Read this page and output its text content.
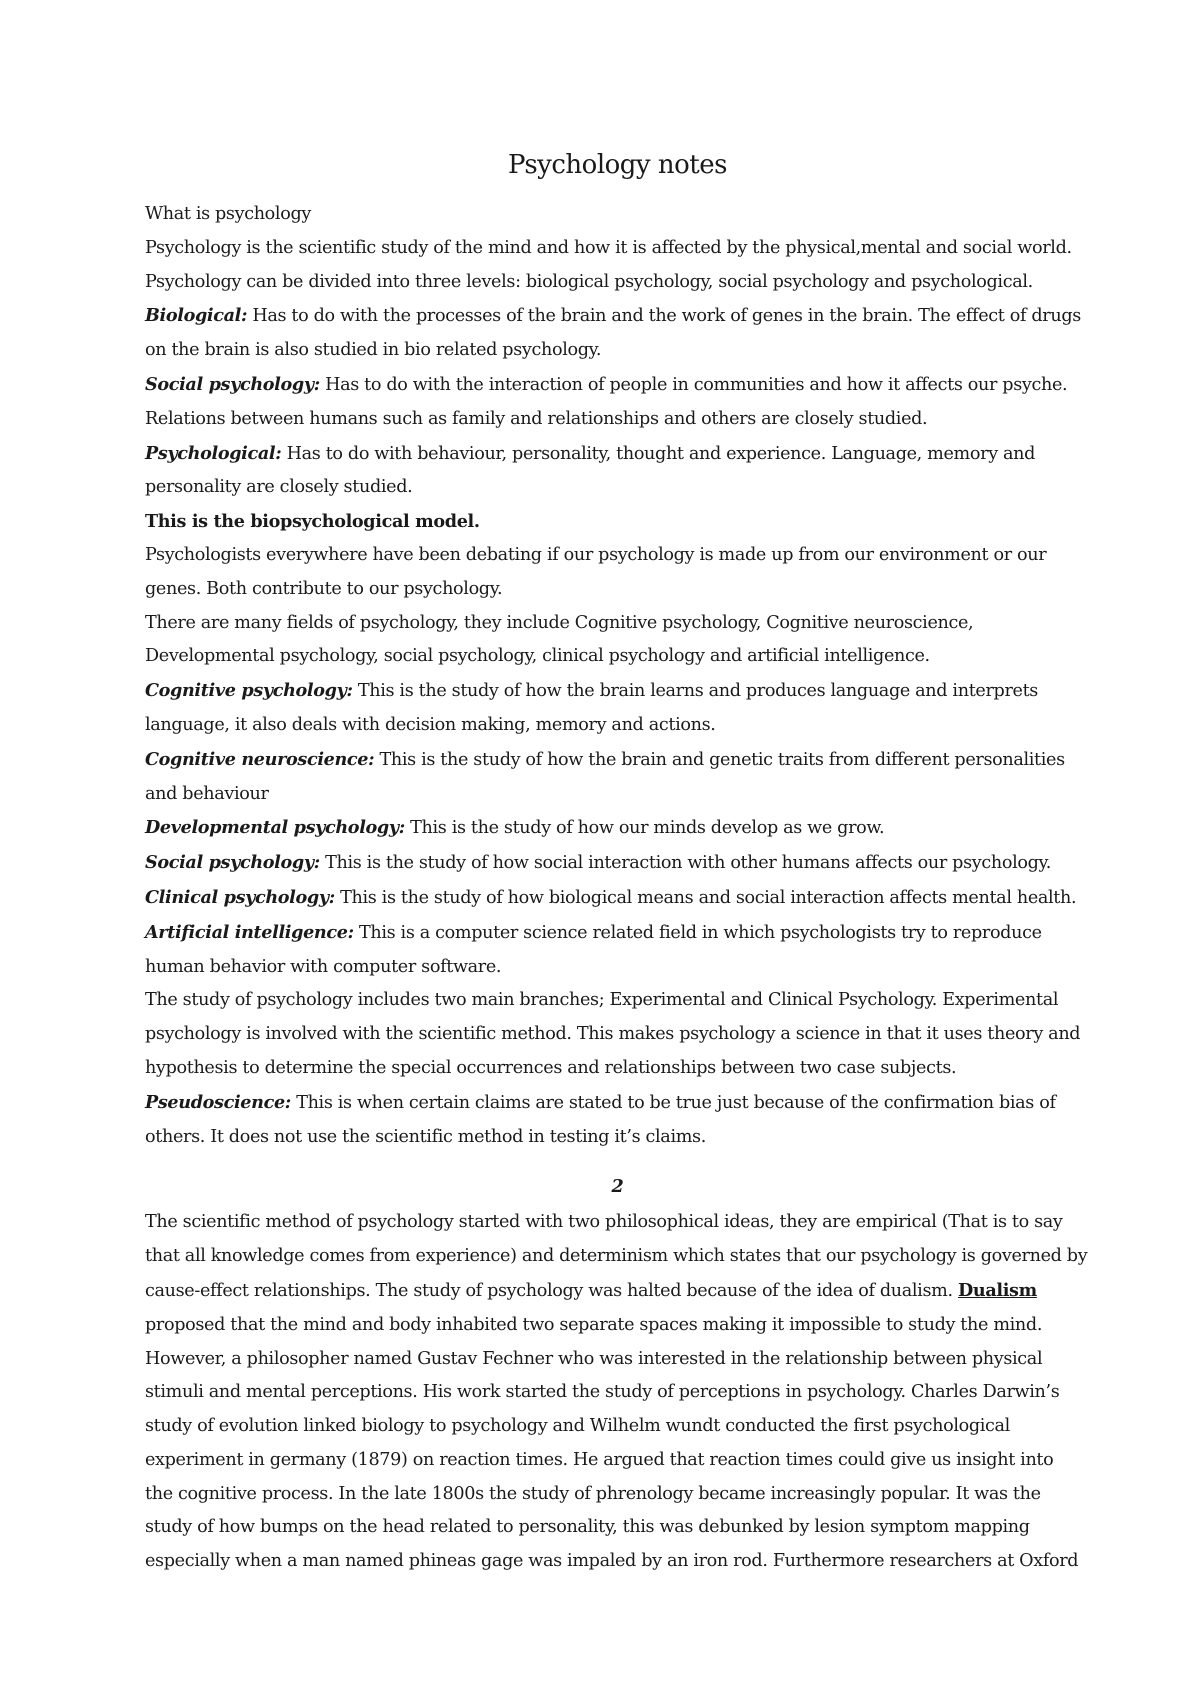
Psychology notes
What is psychology
Psychology is the scientific study of the mind and how it is affected by the physical,mental and social world.
Psychology can be divided into three levels: biological psychology, social psychology and psychological.
Biological: Has to do with the processes of the brain and the work of genes in the brain. The effect of drugs
on the brain is also studied in bio related psychology.
Social psychology: Has to do with the interaction of people in communities and how it affects our psyche.
Relations between humans such as family and relationships and others are closely studied.
Psychological: Has to do with behaviour, personality, thought and experience. Language, memory and
personality are closely studied.
This is the biopsychological model.
Psychologists everywhere have been debating if our psychology is made up from our environment or our
genes. Both contribute to our psychology.
There are many fields of psychology, they include Cognitive psychology, Cognitive neuroscience,
Developmental psychology, social psychology, clinical psychology and artificial intelligence.
Cognitive psychology: This is the study of how the brain learns and produces language and interprets
language, it also deals with decision making, memory and actions.
Cognitive neuroscience: This is the study of how the brain and genetic traits from different personalities
and behaviour
Developmental psychology: This is the study of how our minds develop as we grow.
Social psychology: This is the study of how social interaction with other humans affects our psychology.
Clinical psychology: This is the study of how biological means and social interaction affects mental health.
Artificial intelligence: This is a computer science related field in which psychologists try to reproduce
human behavior with computer software.
The study of psychology includes two main branches; Experimental and Clinical Psychology. Experimental
psychology is involved with the scientific method. This makes psychology a science in that it uses theory and
hypothesis to determine the special occurrences and relationships between two case subjects.
Pseudoscience: This is when certain claims are stated to be true just because of the confirmation bias of
others. It does not use the scientific method in testing it’s claims.
2
The scientific method of psychology started with two philosophical ideas, they are empirical (That is to say
that all knowledge comes from experience) and determinism which states that our psychology is governed by
cause-effect relationships. The study of psychology was halted because of the idea of dualism. Dualism
proposed that the mind and body inhabited two separate spaces making it impossible to study the mind.
However, a philosopher named Gustav Fechner who was interested in the relationship between physical
stimuli and mental perceptions. His work started the study of perceptions in psychology. Charles Darwin’s
study of evolution linked biology to psychology and Wilhelm wundt conducted the first psychological
experiment in germany (1879) on reaction times. He argued that reaction times could give us insight into
the cognitive process. In the late 1800s the study of phrenology became increasingly popular. It was the
study of how bumps on the head related to personality, this was debunked by lesion symptom mapping
especially when a man named phineas gage was impaled by an iron rod. Furthermore researchers at Oxford
